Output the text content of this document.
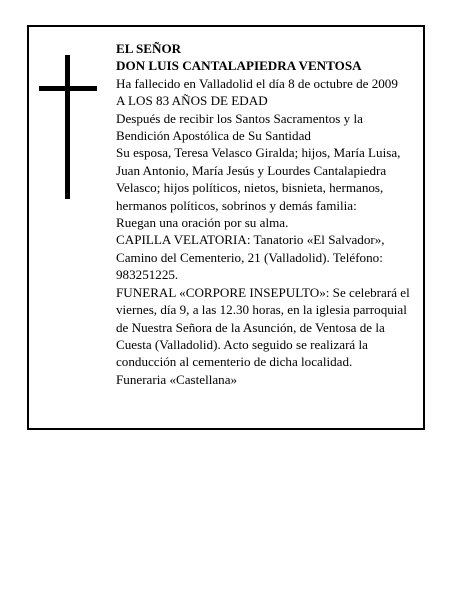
EL SEÑOR
DON LUIS CANTALAPIEDRA VENTOSA
Ha fallecido en Valladolid el día 8 de octubre de 2009
A LOS 83 AÑOS DE EDAD
Después de recibir los Santos Sacramentos y la
Bendición Apostólica de Su Santidad
Su esposa, Teresa Velasco Giralda; hijos, María Luisa,
Juan Antonio, María Jesús y Lourdes Cantalapiedra
Velasco; hijos políticos, nietos, bisnieta, hermanos,
hermanos políticos, sobrinos y demás familia:
Ruegan una oración por su alma.
CAPILLA VELATORIA: Tanatorio «El Salvador»,
Camino del Cementerio, 21 (Valladolid). Teléfono:
983251225.
FUNERAL «CORPORE INSEPULTO»: Se celebrará el
viernes, día 9, a las 12.30 horas, en la iglesia parroquial
de Nuestra Señora de la Asunción, de Ventosa de la
Cuesta (Valladolid). Acto seguido se realizará la
conducción al cementerio de dicha localidad.
Funeraria «Castellana»
